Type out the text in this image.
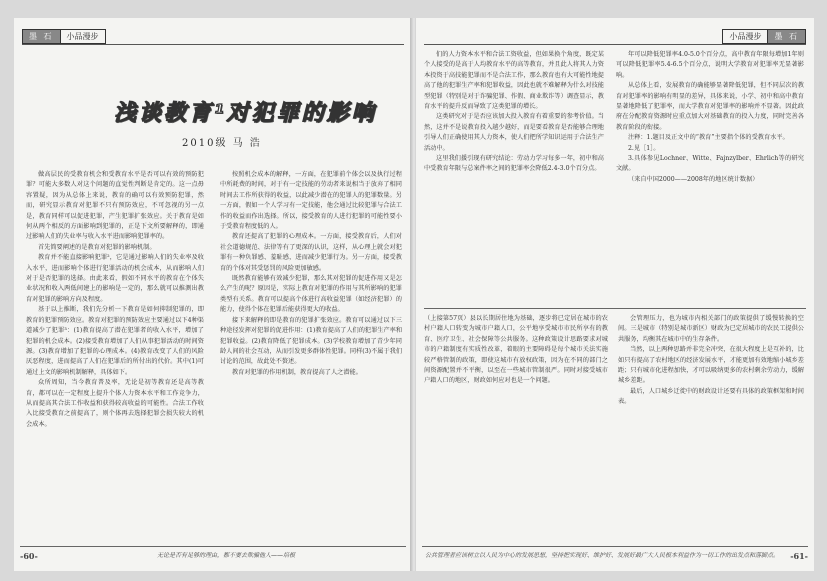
墨 石	小品漫步
浅谈教育¹对犯罪的影响
2010级 马 浩

做高层民的受教育机会和受教育水平是否可以有效的预防犯罪？可能大多数人对这个问题的直觉性判断是肯定的。这一点毋容置疑，因为从总体上来说，教育的确可以有效预防犯罪，然而，研究显示教育对犯罪不只有预防效应，不可忽视的另一点是，教育同样可以促进犯罪，产生犯罪扩张效应。关于教育是如何从两个相反的方面影响到犯罪的，正是下文所要解释的，即通过影响人们的失业率与收入水平进而影响犯罪率的。

首先简要阐述的是教育对犯罪的影响机制。

教育并不能直接影响犯罪²，它是通过影响人们的失业率及收入水平，进而影响个体进行犯罪活动的机会成本，从而影响人们对于是否犯罪的选择。由此来看，假如不同水平的教育在个体失业状况和收入两低间建上的影响是一定的，那么就可以推测出教育对犯罪的影响方向及程度。

基于以上推断，我们先分析一下教育是如何抑制犯罪的，即教育的犯罪预防效应。教育对犯罪的预防效应主要通过以下4种渠道减少了犯罪³：(1)教育提高了潜在犯罪者的收入水平，增加了犯罪的机会成本。(2)接受教育增加了人们从事犯罪活动的时间资源。(3)教育增加了犯罪的心理成本。(4)教育改变了人们的风险厌恶程度，进而提高了人们在犯罪后的所付出的代价。其中(1)可通过上文的影响机制解释，具体如下。

众所周知，当今教育普及率，无论是初等教育还是高等教育，都可以在一定程度上提升个体人力资本水平和工作竞争力，从而提高其合法工作收益和获得较高收益的可能性。合法工作收入比接受教育之前提高了，则个体再去选择犯罪会损失较大的机会成本。

按照机会成本的解释，一方面，在犯罪前个体会以及执行过程中所耗费的时间，对于有一定技能的劳动者来说相当于放弃了相同时间去工作所获得的收益，以此减少潜在的犯罪人的犯罪数量。另一方面，假如一个人学习有一定技能，他会通过比较犯罪与合法工作的收益而作出选择。所以，接受教育的人进行犯罪的可能性要小于受教育程度低的人。

教育还提高了犯罪的心理成本。一方面，接受教育后，人们对社会道德规范、法律等有了更深的认识，这样，从心理上就会对犯罪有一种负罪感、羞耻感，进而减少犯罪行为。另一方面，接受教育的个体对其受惩罚的风险更加敏感。

既然教育能够有效减少犯罪，那么其对犯罪的促进作用又是怎么产生的呢？原因是，实际上教育对犯罪的作用与其所影响的犯罪类型有关系。教育可以提高个体进行高收益犯罪（如经济犯罪）的能力，使得个体在犯罪后能获得更大的收益。

接下来解释的即是教育的犯罪扩张效应。教育可以通过以下三种途径发挥对犯罪的促进作用：(1)教育提高了人们的犯罪生产率和犯罪收益。(2)教育降低了犯罪成本。(3)学校教育增加了青少年同龄人间的社会互动，从而引发更多群体性犯罪。同样(3)不属于我们讨论的范围，故此处不赘述。

教育对犯罪的作用机制，教育提高了人之潜能。

-60-	无论是否有足够的理由，都不要去欺骗他人——培根
小品漫步	墨 石

们的人力资本水平和合法工资收益，但如果换个角度，既定某个人接受的是高于人均教育水平的高等教育，并且此人将其人力资本投资于高技能犯罪而不是合法工作，那么教育也有大可能性地提高了他的犯罪生产率和犯罪收益，因此也就不难解释为什么对技能型犯罪（特别是对于诈骗犯罪、作假、商业欺诈等）调查显示，教育水平的提升反而导致了这类犯罪的增长。

这类研究对于是否应该加大投入教育有着重要的参考价值。当然，这并不是说教育投入越少越好，而是要看教育是否能够合理地引导人们正确使用其人力资本，使人们把所学知识运用于合法生产活动中。

这里我们援引现有研究结论：劳动力学习每多一年，初中和高中受教育年限与总案件率之间的犯罪率会降低2.4-3.0个百分点。

年可以降低犯罪率4.0-5.0个百分点，高中教育年限每增加1年则可以降低犯罪率5.4-6.5个百分点，说明大学教育对犯罪率无显著影响。

从总体上看，发展教育的确能够显著降低犯罪，但不同层次的教育对犯罪率的影响有明显的差异，具体来说，小学、初中和高中教育显著地降低了犯罪率，而大学教育对犯罪率的影响并不显著。因此政府在分配教育资源时应重点加大对基础教育的投入力度，同时完善各教育阶段的衔接。

注释：1.题目及正文中的“教育”主要指个体的受教育水平。

2.见［1］。

3.具体参见Lochner、Witte、Fajnzylber、Ehrlich等的研究文献。

（来自中国2000——2008年的地区统计数据）

（上接第57页）县以长期居住地为基础，逐步将已定居在城市的农村户籍人口转变为城市户籍人口，公平地享受城市市民所享有的教育、医疗卫生、社会保障等公共服务。这种政策设计思路要求对城市的户籍制度有实质性改革，着眼的主要障碍是每个城市关法实施较严格管制的政策，即使这城市有放权政策，因为在不同的部门之间资源配置并不平衡，以至在一些城市管制很严。同时对接受城市户籍人口的地区，财政如何应对也是一个问题。

会管理压力，也为城市内相关部门的政策提供了缓慢转换的空间。三是城市（特别是城市新区）财政为已定居城市的农民工提供公共服务，均衡其在城市中的生存条件。

当然，以上两种思路并非完全冲突，在很大程度上是互补的，比如只有提高了农村地区的经济发展水平，才能更加有效地缩小城乡差距；只有城市化进程加快，才可以吸纳更多的农村剩余劳动力，缓解城乡差距。

最后，人口城乡迁徙中的财政设计还要有具体的政策框架和时间表。

公共管理者应该树立以人民为中心的发展思想，坚持把实现好、维护好、发展好最广大人民根本利益作为一切工作的出发点和落脚点。	-61-
